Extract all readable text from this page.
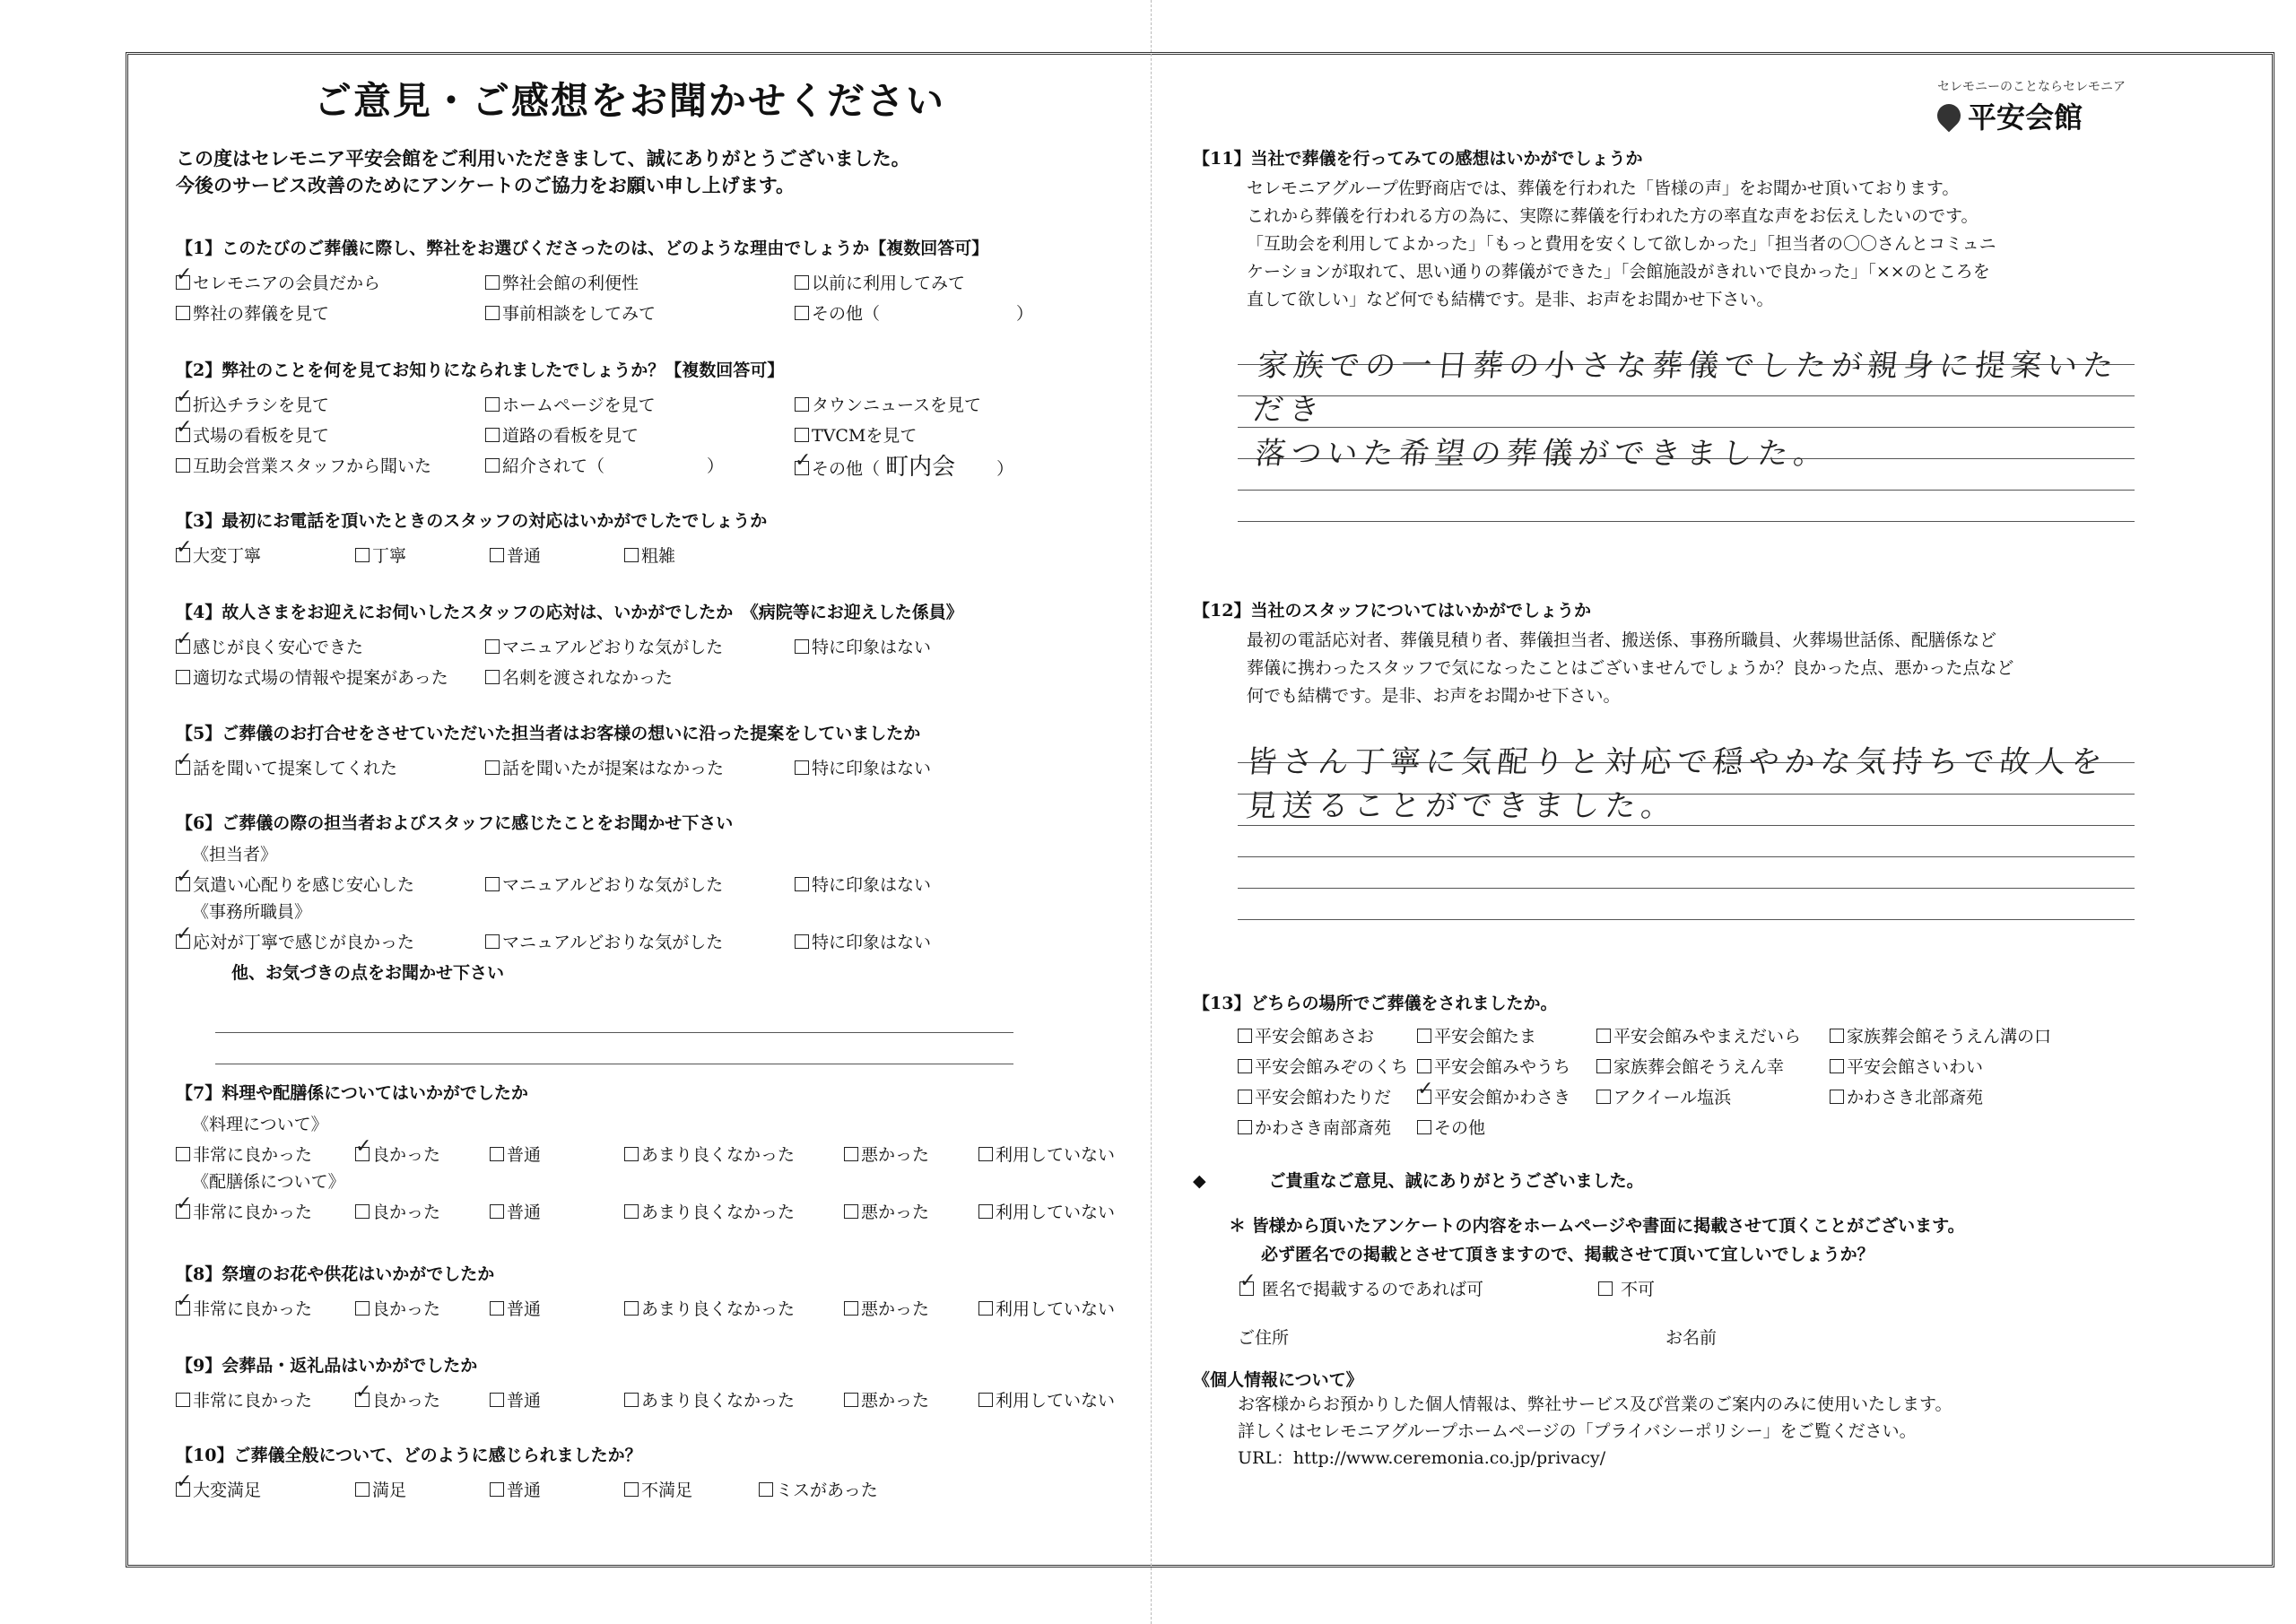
ご意見・ご感想をお聞かせください	セレモニーのことならセレモニア
平安会館
この度はセレモニア平安会館をご利用いただきまして、誠にありがとうございました。
今後のサービス改善のためにアンケートのご協力をお願い申し上げます。
【1】このたびのご葬儀に際し、弊社をお選びくださったのは、どのような理由でしょうか【複数回答可】
✓セレモニアの会員だから	弊社会館の利便性	以前に利用してみて
弊社の葬儀を見て	事前相談をしてみて	その他（　　　　　　　　）
【2】弊社のことを何を見てお知りになられましたでしょうか？【複数回答可】
✓折込チラシを見て	ホームページを見て	タウンニュースを見て
✓式場の看板を見て	道路の看板を見て	TVCMを見て
互助会営業スタッフから聞いた	紹介されて（　　　　　　） ✓	その他（ 町内会 ）
【3】最初にお電話を頂いたときのスタッフの対応はいかがでしたでしょうか
✓大変丁寧	丁寧	普通	粗雑
【4】故人さまをお迎えにお伺いしたスタッフの応対は、いかがでしたか　《病院等にお迎えした係員》
✓感じが良く安心できた	マニュアルどおりな気がした	特に印象はない
適切な式場の情報や提案があった	名刺を渡されなかった
【5】ご葬儀のお打合せをさせていただいた担当者はお客様の想いに沿った提案をしていましたか
✓話を聞いて提案してくれた	話を聞いたが提案はなかった	特に印象はない
【6】ご葬儀の際の担当者およびスタッフに感じたことをお聞かせ下さい
《担当者》
✓気遣い心配りを感じ安心した	マニュアルどおりな気がした	特に印象はない
《事務所職員》
✓応対が丁寧で感じが良かった	マニュアルどおりな気がした	特に印象はない
他、お気づきの点をお聞かせ下さい
【7】料理や配膳係についてはいかがでしたか
《料理について》
非常に良かった ✓	良かった	普通	あまり良くなかった	悪かった	利用していない
《配膳係について》
✓非常に良かった	良かった	普通	あまり良くなかった	悪かった	利用していない
【8】祭壇のお花や供花はいかがでしたか
✓非常に良かった	良かった	普通	あまり良くなかった	悪かった	利用していない
【9】会葬品・返礼品はいかがでしたか
非常に良かった ✓	良かった	普通	あまり良くなかった	悪かった	利用していない
【10】ご葬儀全般について、どのように感じられましたか？
✓大変満足	満足	普通	不満足	ミスがあった
【11】当社で葬儀を行ってみての感想はいかがでしょうか
セレモニアグループ佐野商店では、葬儀を行われた「皆様の声」をお聞かせ頂いております。
これから葬儀を行われる方の為に、実際に葬儀を行われた方の率直な声をお伝えしたいのです。
「互助会を利用してよかった」「もっと費用を安くして欲しかった」「担当者の〇〇さんとコミュニ
ケーションが取れて、思い通りの葬儀ができた」「会館施設がきれいで良かった」「××のところを
直して欲しい」など何でも結構です。是非、お声をお聞かせ下さい。
家族での一日葬の小さな葬儀でしたが親身に提案いただき
落ついた希望の葬儀ができました。
【12】当社のスタッフについてはいかがでしょうか
最初の電話応対者、葬儀見積り者、葬儀担当者、搬送係、事務所職員、火葬場世話係、配膳係など
葬儀に携わったスタッフで気になったことはございませんでしょうか？良かった点、悪かった点など
何でも結構です。是非、お声をお聞かせ下さい。
皆さん丁寧に気配りと対応で穏やかな気持ちで故人を
見送ることができました。
【13】どちらの場所でご葬儀をされましたか。
平安会館あさお	平安会館たま	平安会館みやまえだいら	家族葬会館そうえん溝の口
平安会館みぞのくち	平安会館みやうち	家族葬会館そうえん幸	平安会館さいわい
平安会館わたりだ ✓	平安会館かわさき	アクイール塩浜	かわさき北部斎苑
かわさき南部斎苑	その他
◆	ご貴重なご意見、誠にありがとうございました。
＊ 皆様から頂いたアンケートの内容をホームページや書面に掲載させて頂くことがございます。
必ず匿名での掲載とさせて頂きますので、掲載させて頂いて宜しいでしょうか？
✓ 匿名で掲載するのであれば可	不可
ご住所	お名前
《個人情報について》
お客様からお預かりした個人情報は、弊社サービス及び営業のご案内のみに使用いたします。
詳しくはセレモニアグループホームページの「プライバシーポリシー」をご覧ください。
URL：http://www.ceremonia.co.jp/privacy/
